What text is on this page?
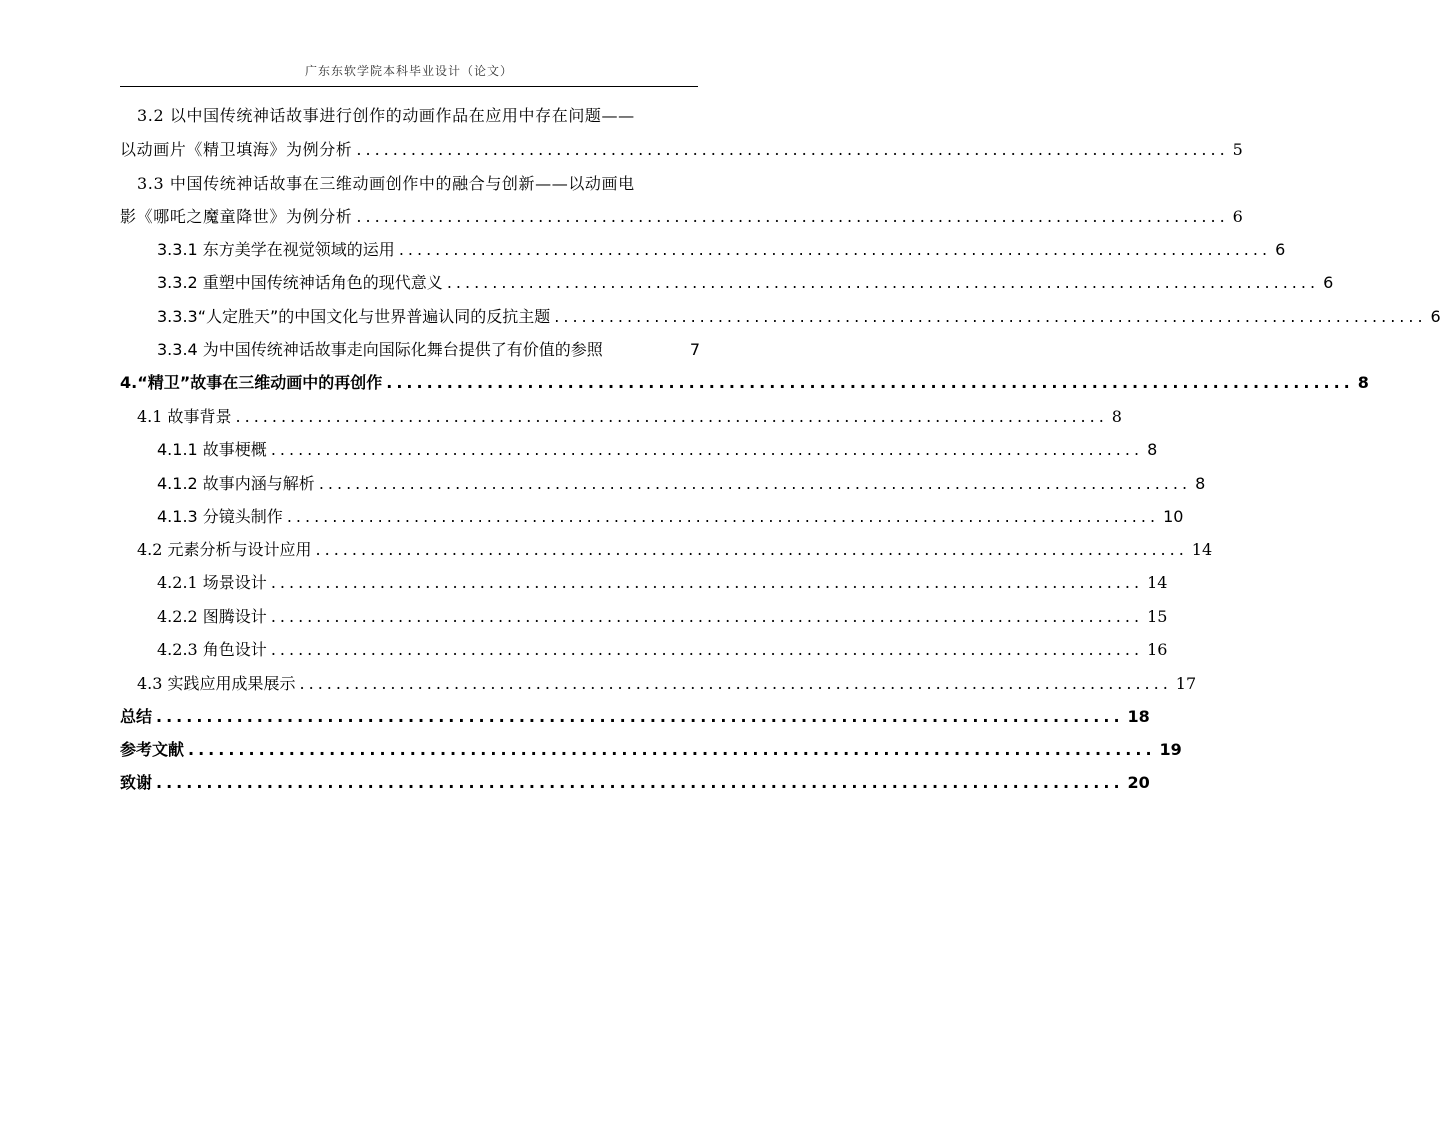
广东东软学院本科毕业设计（论文）
3.2 以中国传统神话故事进行创作的动画作品在应用中存在问题——
以动画片《精卫填海》为例分析 ................................................................................................ 5
3.3 中国传统神话故事在三维动画创作中的融合与创新——以动画电
影《哪吒之魔童降世》为例分析 ................................................................................................ 6
3.3.1 东方美学在视觉领域的运用 ................................................................................................ 6
3.3.2 重塑中国传统神话角色的现代意义 ................................................................................................ 6
3.3.3“人定胜天”的中国文化与世界普遍认同的反抗主题 ................................................................................................ 6
3.3.4 为中国传统神话故事走向国际化舞台提供了有价值的参照	7
4.“精卫”故事在三维动画中的再创作 ................................................................................................ 8
4.1 故事背景 ................................................................................................ 8
4.1.1 故事梗概 ................................................................................................ 8
4.1.2 故事内涵与解析 ................................................................................................ 8
4.1.3 分镜头制作 ................................................................................................ 10
4.2 元素分析与设计应用 ................................................................................................ 14
4.2.1 场景设计 ................................................................................................ 14
4.2.2 图腾设计 ................................................................................................ 15
4.2.3 角色设计 ................................................................................................ 16
4.3 实践应用成果展示 ................................................................................................ 17
总结 ................................................................................................ 18
参考文献 ................................................................................................ 19
致谢 ................................................................................................ 20
